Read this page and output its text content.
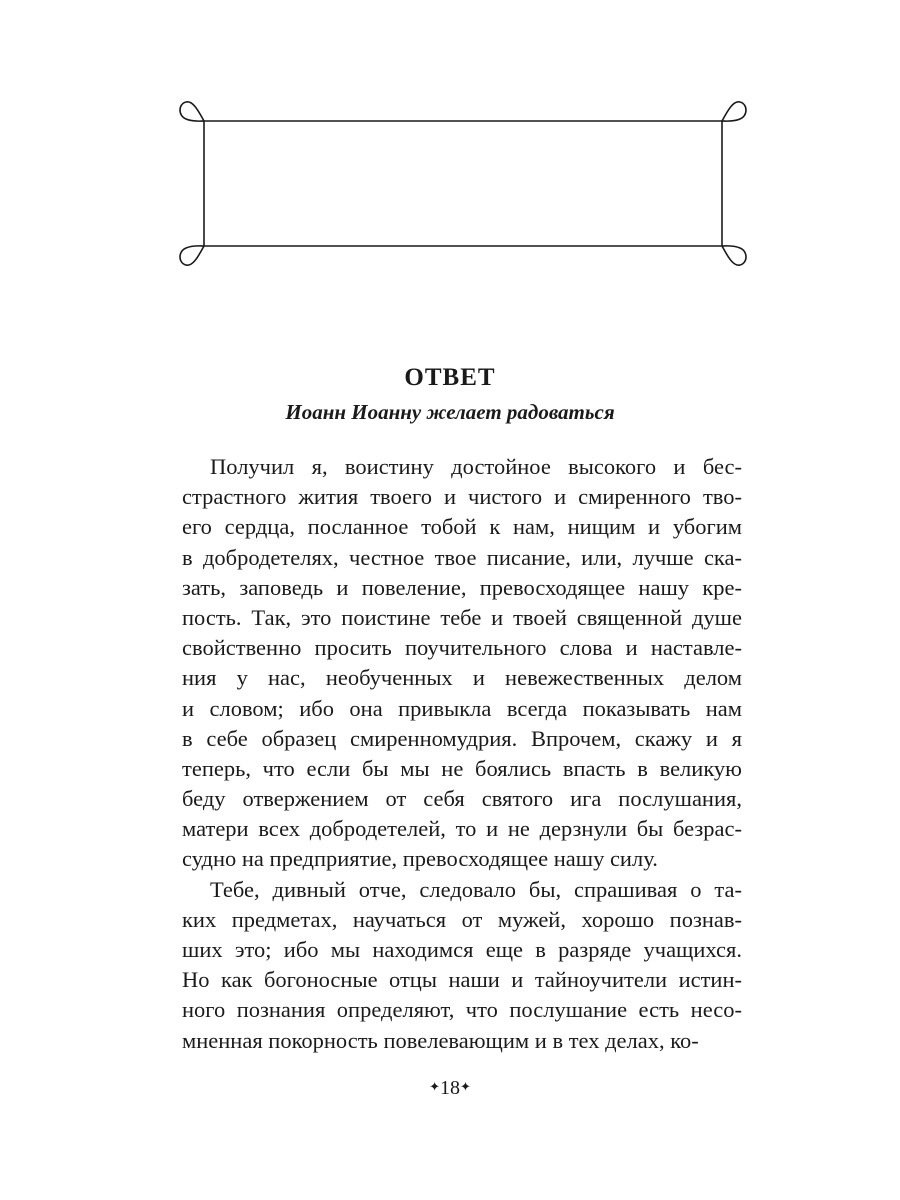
ОТВЕТ
Иоанн Иоанну желает радоваться
Получил я, воистину достойное высокого и бес-
страстного жития твоего и чистого и смиренного тво-
его сердца, посланное тобой к нам, нищим и убогим
в добродетелях, честное твое писание, или, лучше ска-
зать, заповедь и повеление, превосходящее нашу кре-
пость. Так, это поистине тебе и твоей священной душе
свойственно просить поучительного слова и наставле-
ния у нас, необученных и невежественных делом
и словом; ибо она привыкла всегда показывать нам
в себе образец смиренномудрия. Впрочем, скажу и я
теперь, что если бы мы не боялись впасть в великую
беду отвержением от себя святого ига послушания,
матери всех добродетелей, то и не дерзнули бы безрас-
судно на предприятие, превосходящее нашу силу.
Тебе, дивный отче, следовало бы, спрашивая о та-
ких предметах, научаться от мужей, хорошо познав-
ших это; ибо мы находимся еще в разряде учащихся.
Но как богоносные отцы наши и тайноучители истин-
ного познания определяют, что послушание есть несо-
мненная покорность повелевающим и в тех делах, ко-
✦18✦
